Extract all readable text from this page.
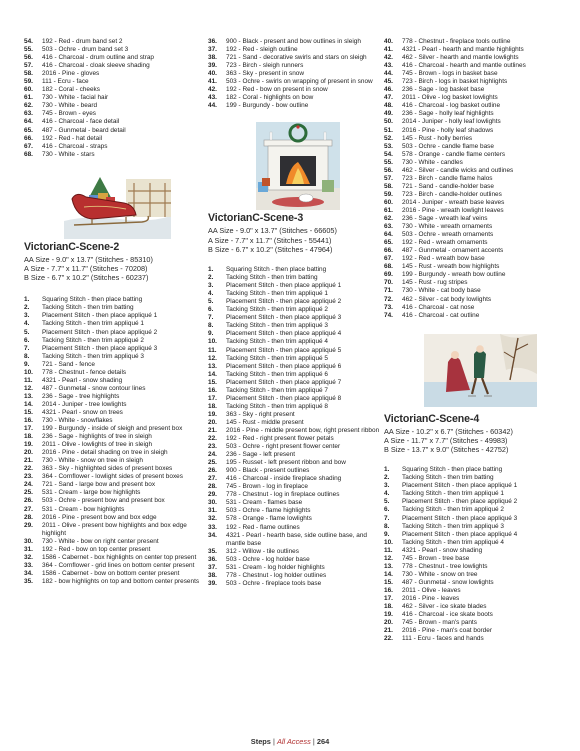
54.	192 - Red - drum band set 2
55.	503 - Ochre - drum band set 3
56.	416 - Charcoal - drum outline and strap
57.	416 - Charcoal - cloak sleeve shading
58.	2016 - Pine - gloves
59.	111 - Ecru - face
60.	182 - Coral - cheeks
61.	730 - White - facial hair
62.	730 - White - beard
63.	745 - Brown - eyes
64.	416 - Charcoal - face detail
65.	487 - Gunmetal - beard detail
66.	192 - Red - hat detail
67.	416 - Charcoal - straps
68.	730 - White - stars
VictorianC-Scene-2
AA Size - 9.0" x 13.7" (Stitches - 85310)
A Size - 7.7" x 11.7" (Stitches - 70208)
B Size - 6.7" x 10.2" (Stitches - 60237)
1.	Squaring Stitch - then place batting
2.	Tacking Stitch - then trim batting
3.	Placement Stitch - then place appliqué 1
4.	Tacking Stitch - then trim appliqué 1
5.	Placement Stitch - then place appliqué 2
6.	Tacking Stitch - then trim appliqué 2
7.	Placement Stitch - then place appliqué 3
8.	Tacking Stitch - then trim appliqué 3
9.	721 - Sand - fence
10.	778 - Chestnut - fence details
11.	4321 - Pearl - snow shading
12.	487 - Gunmetal - snow contour lines
13.	236 - Sage - tree highlights
14.	2014 - Juniper - tree lowlights
15.	4321 - Pearl - snow on trees
16.	730 - White - snowflakes
17.	199 - Burgundy - inside of sleigh and present box
18.	236 - Sage - highlights of tree in sleigh
19.	2011 - Olive - lowlights of tree in sleigh
20.	2016 - Pine - detail shading on tree in sleigh
21.	730 - White - snow on tree in sleigh
22.	363 - Sky - highlighted sides of present boxes
23.	364 - Cornflower - lowlight sides of present boxes
24.	721 - Sand - large bow and present box
25.	531 - Cream - large bow highlights
26.	503 - Ochre - present bow and present box
27.	531 - Cream - bow highlights
28.	2016 - Pine - present bow and box edge
29.	2011 - Olive - present bow highlights and box edge highlight
30.	730 - White - bow on right center present
31.	192 - Red - bow on top center present
32.	1586 - Cabernet - box highlights on center top present
33.	364 - Cornflower - grid lines on bottom center present
34.	1586 - Cabernet - bow on bottom center present
35.	182 - bow highlights on top and bottom center presents
36.	900 - Black - present and bow outlines in sleigh
37.	192 - Red - sleigh outline
38.	721 - Sand - decorative swirls and stars on sleigh
39.	723 - Birch - sleigh runners
40.	363 - Sky - present in snow
41.	503 - Ochre - swirls on wrapping of present in snow
42.	192 - Red - bow on present in snow
43.	182 - Coral - highlights on bow
44.	199 - Burgundy - bow outline
VictorianC-Scene-3
AA Size - 9.0" x 13.7" (Stitches - 66605)
A Size - 7.7" x 11.7" (Stitches - 55441)
B Size - 6.7" x 10.2" (Stitches - 47964)
1.	Squaring Stitch - then place batting
2.	Tacking Stitch - then trim batting
3.	Placement Stitch - then place appliqué 1
4.	Tacking Stitch - then trim appliqué 1
5.	Placement Stitch - then place appliqué 2
6.	Tacking Stitch - then trim appliqué 2
7.	Placement Stitch - then place appliqué 3
8.	Tacking Stitch - then trim appliqué 3
9.	Placement Stitch - then place appliqué 4
10.	Tacking Stitch - then trim appliqué 4
11.	Placement Stitch - then place appliqué 5
12.	Tacking Stitch - then trim appliqué 5
13.	Placement Stitch - then place appliqué 6
14.	Tacking Stitch - then trim appliqué 6
15.	Placement Stitch - then place appliqué 7
16.	Tacking Stitch - then trim appliqué 7
17.	Placement Stitch - then place appliqué 8
18.	Tacking Stitch - then trim appliqué 8
19.	363 - Sky - right present
20.	145 - Rust - middle present
21.	2016 - Pine - middle present bow, right present ribbon
22.	192 - Red - right present flower petals
23.	503 - Ochre - right present flower center
24.	236 - Sage - left present
25.	195 - Russet - left present ribbon and bow
26.	900 - Black - present outlines
27.	416 - Charcoal - inside fireplace shading
28.	745 - Brown - log in fireplace
29.	778 - Chestnut - log in fireplace outlines
30.	531 - Cream - flames base
31.	503 - Ochre - flame highlights
32.	578 - Orange - flame lowlights
33.	192 - Red - flame outlines
34.	4321 - Pearl - hearth base, side outline base, and mantle base
35.	312 - Willow - tile outlines
36.	503 - Ochre - log holder base
37.	531 - Cream - log holder highlights
38.	778 - Chestnut - log holder outlines
39.	503 - Ochre - fireplace tools base
40.	778 - Chestnut - fireplace tools outline
41.	4321 - Pearl - hearth and mantle highlights
42.	462 - Silver - hearth and mantle lowlights
43.	416 - Charcoal - hearth and mantle outlines
44.	745 - Brown - logs in basket base
45.	723 - Birch - logs in basket highlights
46.	236 - Sage - log basket base
47.	2011 - Olive - log basket lowlights
48.	416 - Charcoal - log basket outline
49.	236 - Sage - holly leaf highlights
50.	2014 - Juniper - holly leaf lowlights
51.	2016 - Pine - holly leaf shadows
52.	145 - Rust - holly berries
53.	503 - Ochre - candle flame base
54.	578 - Orange - candle flame centers
55.	730 - White - candles
56.	462 - Silver - candle wicks and outlines
57.	723 - Birch - candle flame halos
58.	721 - Sand - candle-holder base
59.	723 - Birch - candle-holder outlines
60.	2014 - Juniper - wreath base leaves
61.	2016 - Pine - wreath lowlight leaves
62.	236 - Sage - wreath leaf veins
63.	730 - White - wreath ornaments
64.	503 - Ochre - wreath ornaments
65.	192 - Red - wreath ornaments
66.	487 - Gunmetal - ornament accents
67.	192 - Red - wreath bow base
68.	145 - Rust - wreath bow highlights
69.	199 - Burgundy - wreath bow outline
70.	145 - Rust - rug stripes
71.	730 - White - cat body base
72.	462 - Silver - cat body lowlights
73.	416 - Charcoal - cat nose
74.	416 - Charcoal - cat outline
VictorianC-Scene-4
AA Size - 10.2" x 6.7" (Stitches - 60342)
A Size - 11.7" x 7.7" (Stitches - 49983)
B Size - 13.7" x 9.0" (Stitches - 42752)
1.	Squaring Stitch - then place batting
2.	Tacking Stitch - then trim batting
3.	Placement Stitch - then place appliqué 1
4.	Tacking Stitch - then trim appliqué 1
5.	Placement Stitch - then place appliqué 2
6.	Tacking Stitch - then trim appliqué 2
7.	Placement Stitch - then place appliqué 3
8.	Tacking Stitch - then trim appliqué 3
9.	Placement Stitch - then place appliqué 4
10.	Tacking Stitch - then trim appliqué 4
11.	4321 - Pearl - snow shading
12.	745 - Brown - tree base
13.	778 - Chestnut - tree lowlights
14.	730 - White - snow on tree
15.	487 - Gunmetal - snow lowlights
16.	2011 - Olive - leaves
17.	2016 - Pine - leaves
18.	462 - Silver - ice skate blades
19.	416 - Charcoal - ice skate boots
20.	745 - Brown - man's pants
21.	2016 - Pine - man's coat border
22.	111 - Ecru - faces and hands
Steps | All Access | 264
